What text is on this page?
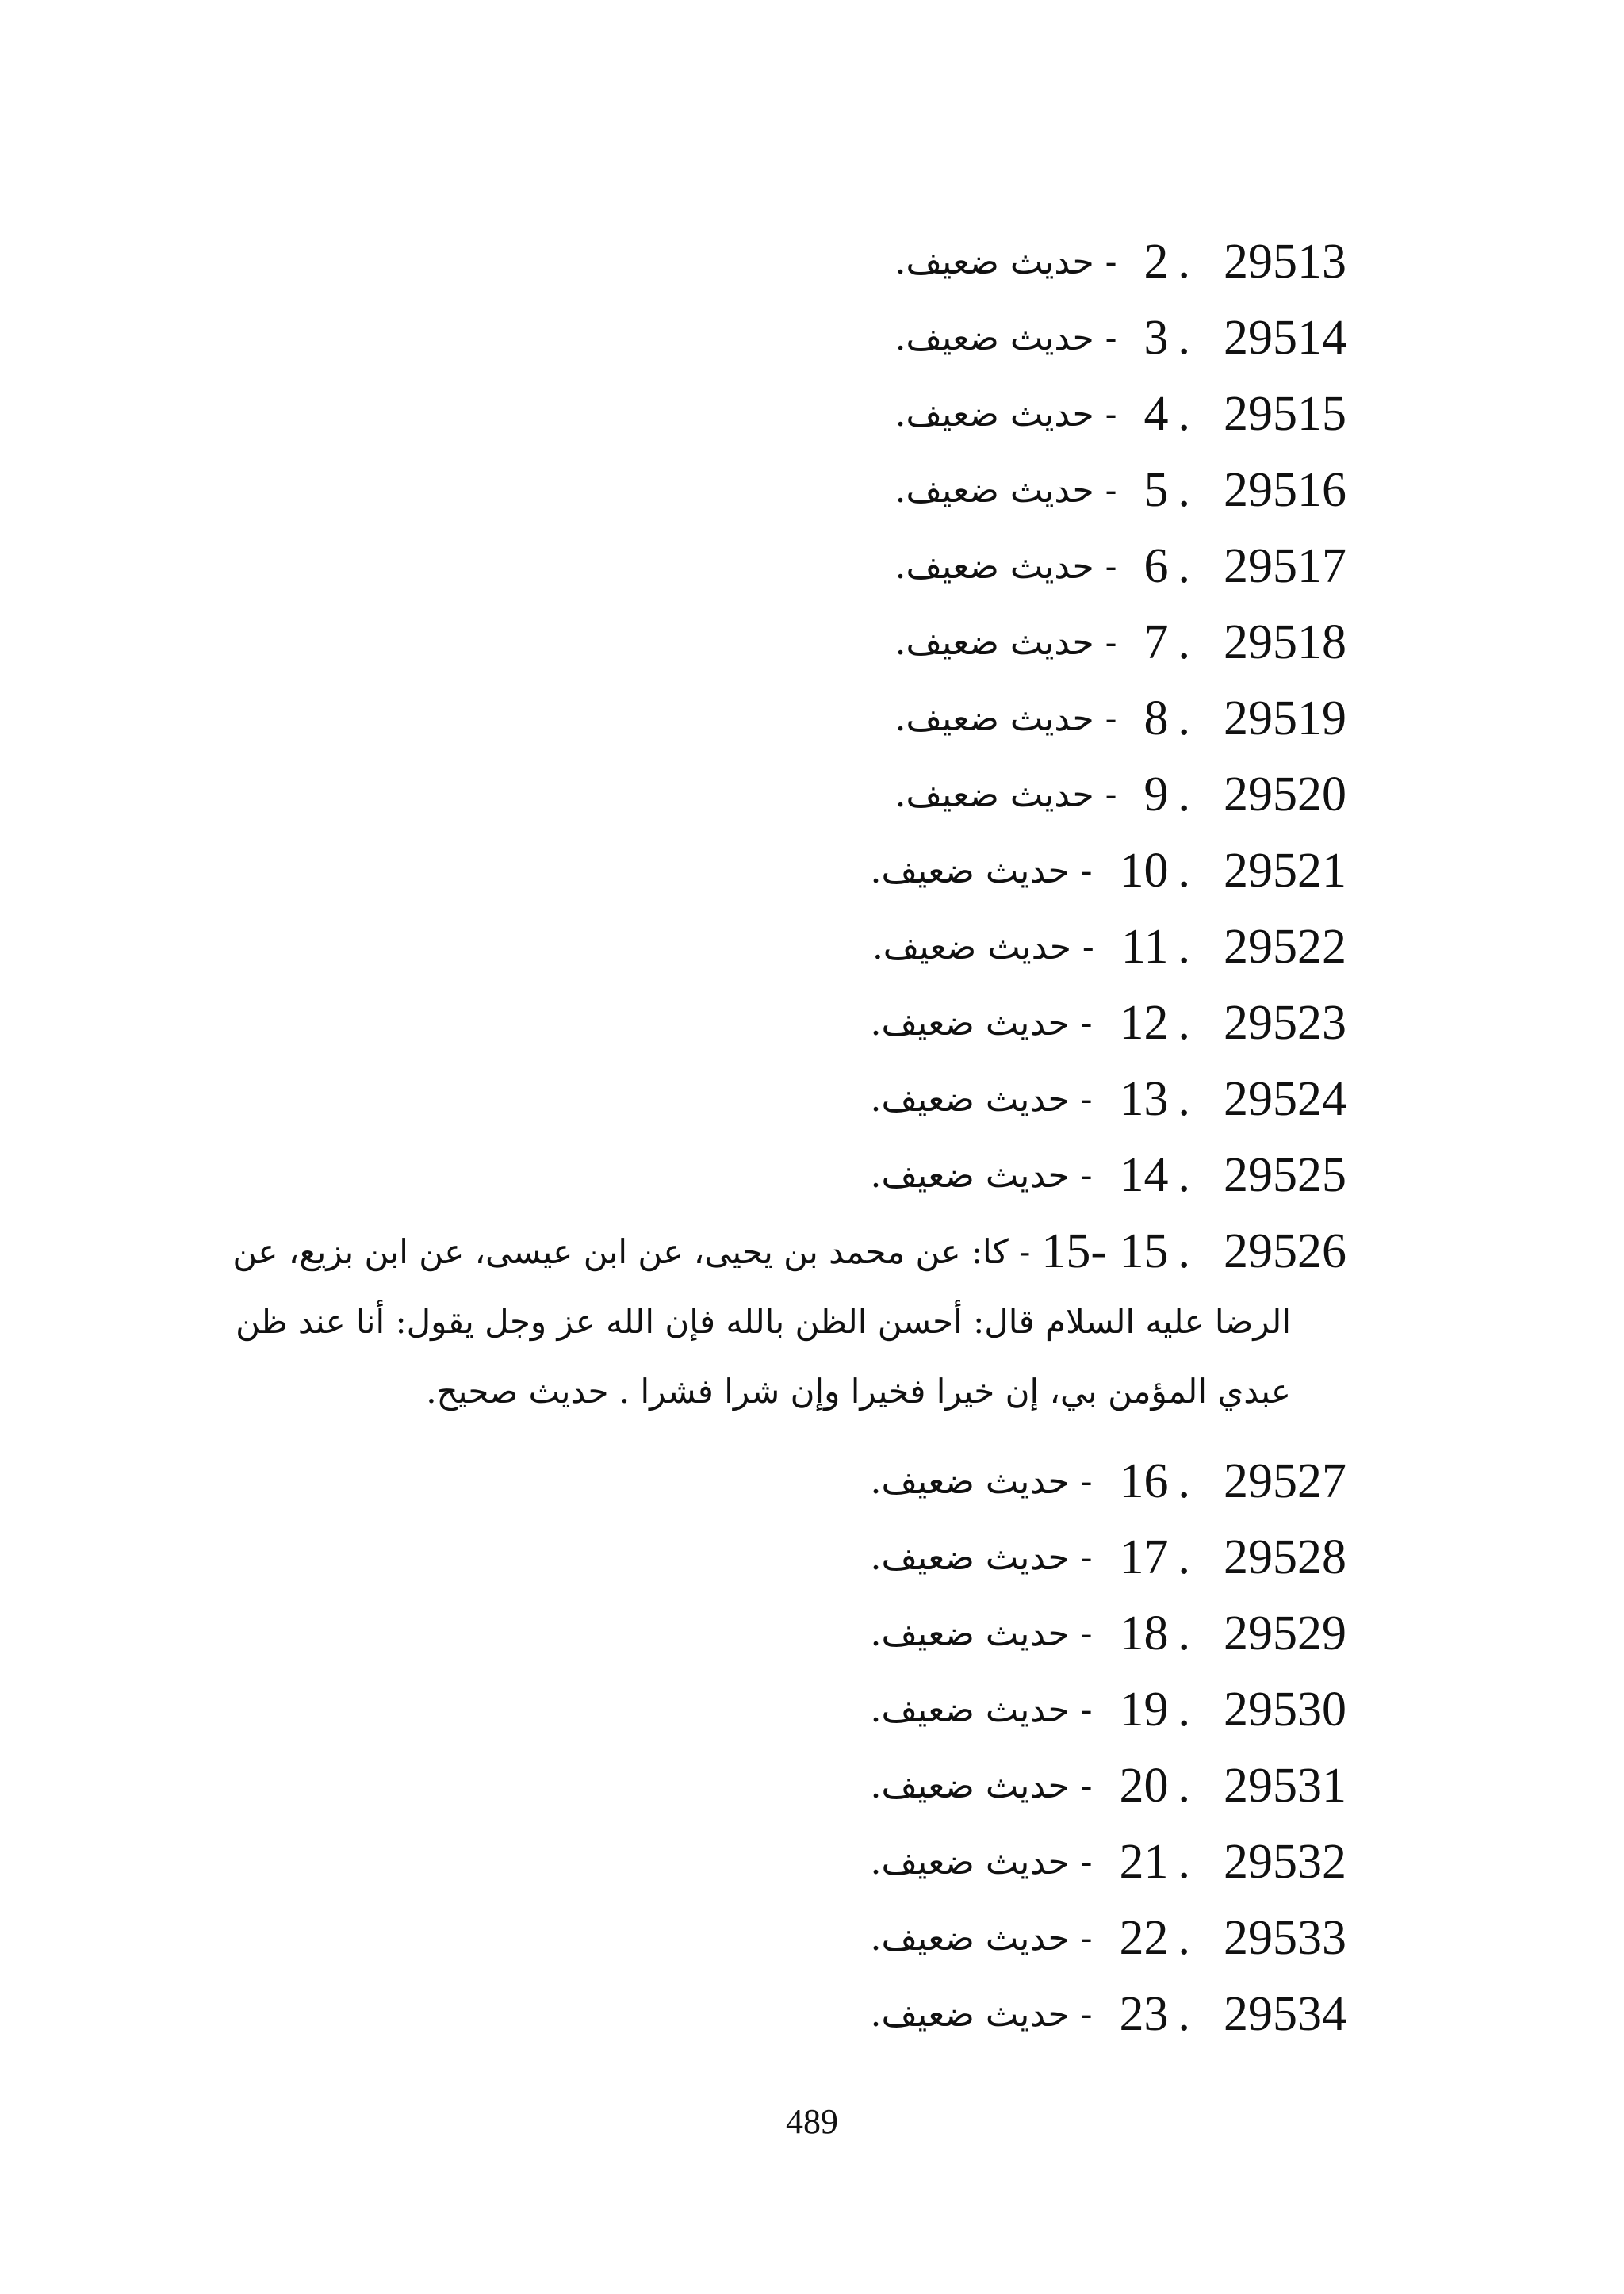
- حديث ضعيف. 2 . 29513
- حديث ضعيف. 3 . 29514
- حديث ضعيف. 4 . 29515
- حديث ضعيف. 5 . 29516
- حديث ضعيف. 6 . 29517
- حديث ضعيف. 7 . 29518
- حديث ضعيف. 8 . 29519
- حديث ضعيف. 9 . 29520
- حديث ضعيف. 10 . 29521
- حديث ضعيف. 11 . 29522
- حديث ضعيف. 12 . 29523
- حديث ضعيف. 13 . 29524
- حديث ضعيف. 14 . 29525
- كا: عن محمد بن يحيى، عن ابن عيسى، عن ابن بزيع، عن 15- 15 . 29526
الرضا عليه السلام قال: أحسن الظن بالله فإن الله عز وجل يقول: أنا عند ظن
عبدي المؤمن بي، إن خيرا فخيرا وإن شرا فشرا . حديث صحيح.
- حديث ضعيف. 16 . 29527
- حديث ضعيف. 17 . 29528
- حديث ضعيف. 18 . 29529
- حديث ضعيف. 19 . 29530
- حديث ضعيف. 20 . 29531
- حديث ضعيف. 21 . 29532
- حديث ضعيف. 22 . 29533
- حديث ضعيف. 23 . 29534
489
